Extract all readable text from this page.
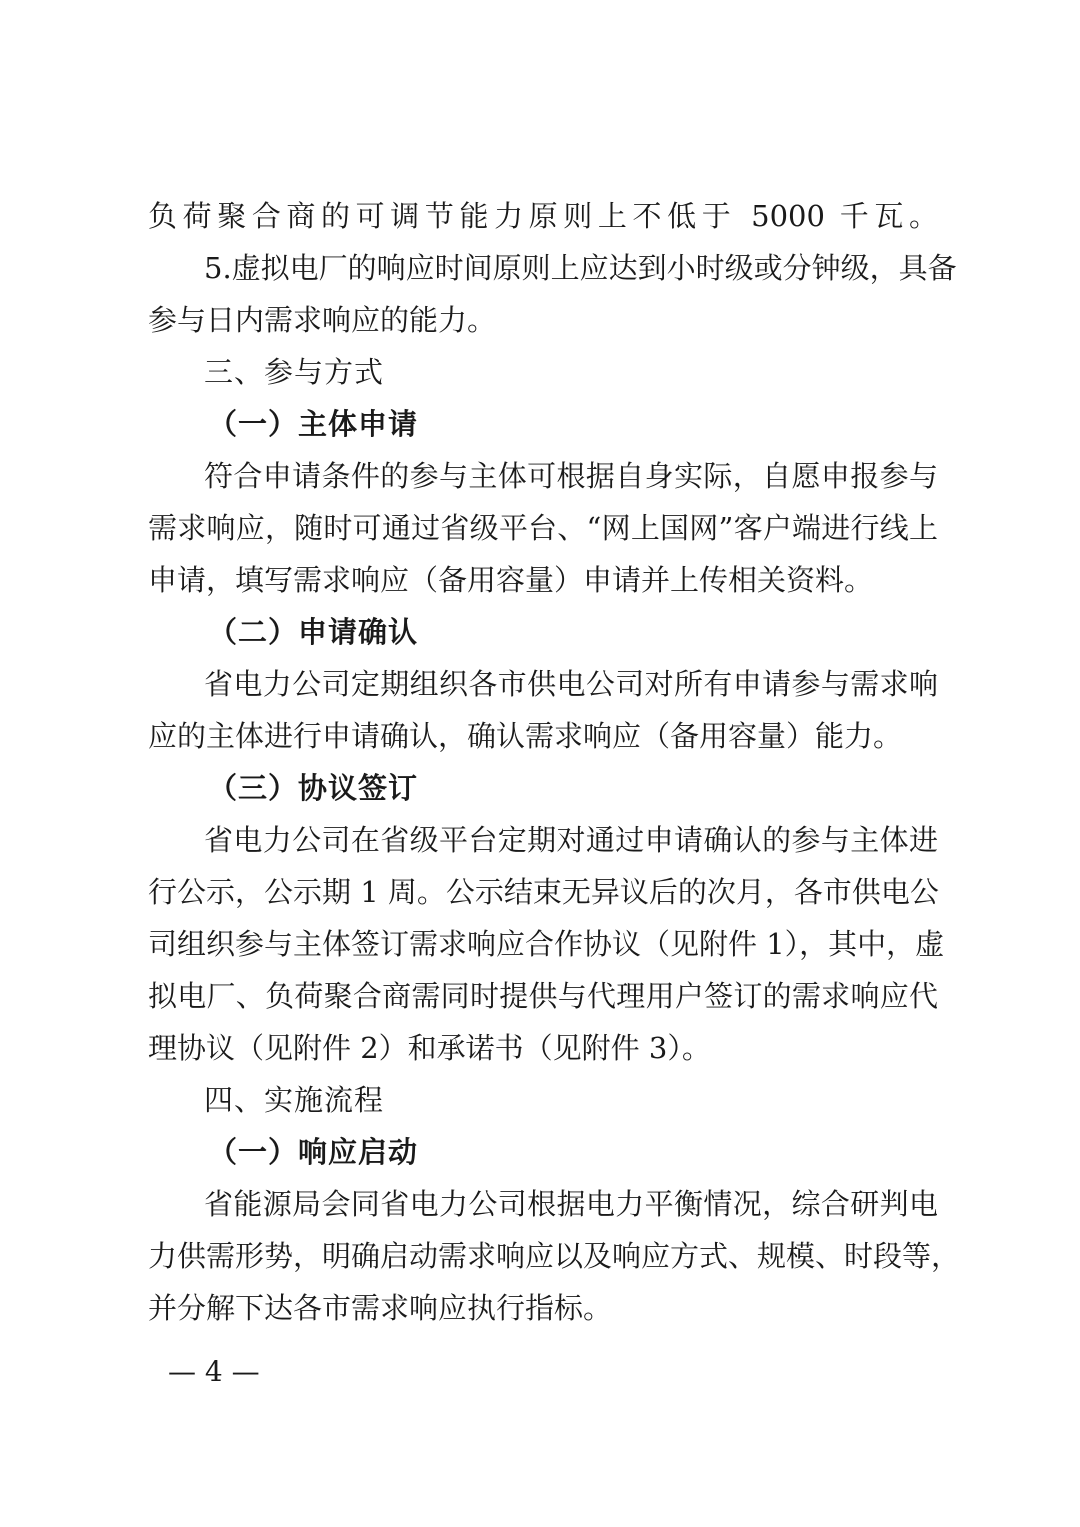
负荷聚合商的可调节能力原则上不低于 5000 千瓦。
5.虚拟电厂的响应时间原则上应达到小时级或分钟级，具备
参与日内需求响应的能力。
三、参与方式
（一）主体申请
符合申请条件的参与主体可根据自身实际，自愿申报参与
需求响应，随时可通过省级平台、“网上国网”客户端进行线上
申请，填写需求响应（备用容量）申请并上传相关资料。
（二）申请确认
省电力公司定期组织各市供电公司对所有申请参与需求响
应的主体进行申请确认，确认需求响应（备用容量）能力。
（三）协议签订
省电力公司在省级平台定期对通过申请确认的参与主体进
行公示，公示期 1 周。公示结束无异议后的次月，各市供电公
司组织参与主体签订需求响应合作协议（见附件 1），其中，虚
拟电厂、负荷聚合商需同时提供与代理用户签订的需求响应代
理协议（见附件 2）和承诺书（见附件 3）。
四、实施流程
（一）响应启动
省能源局会同省电力公司根据电力平衡情况，综合研判电
力供需形势，明确启动需求响应以及响应方式、规模、时段等，
并分解下达各市需求响应执行指标。
— 4 —
